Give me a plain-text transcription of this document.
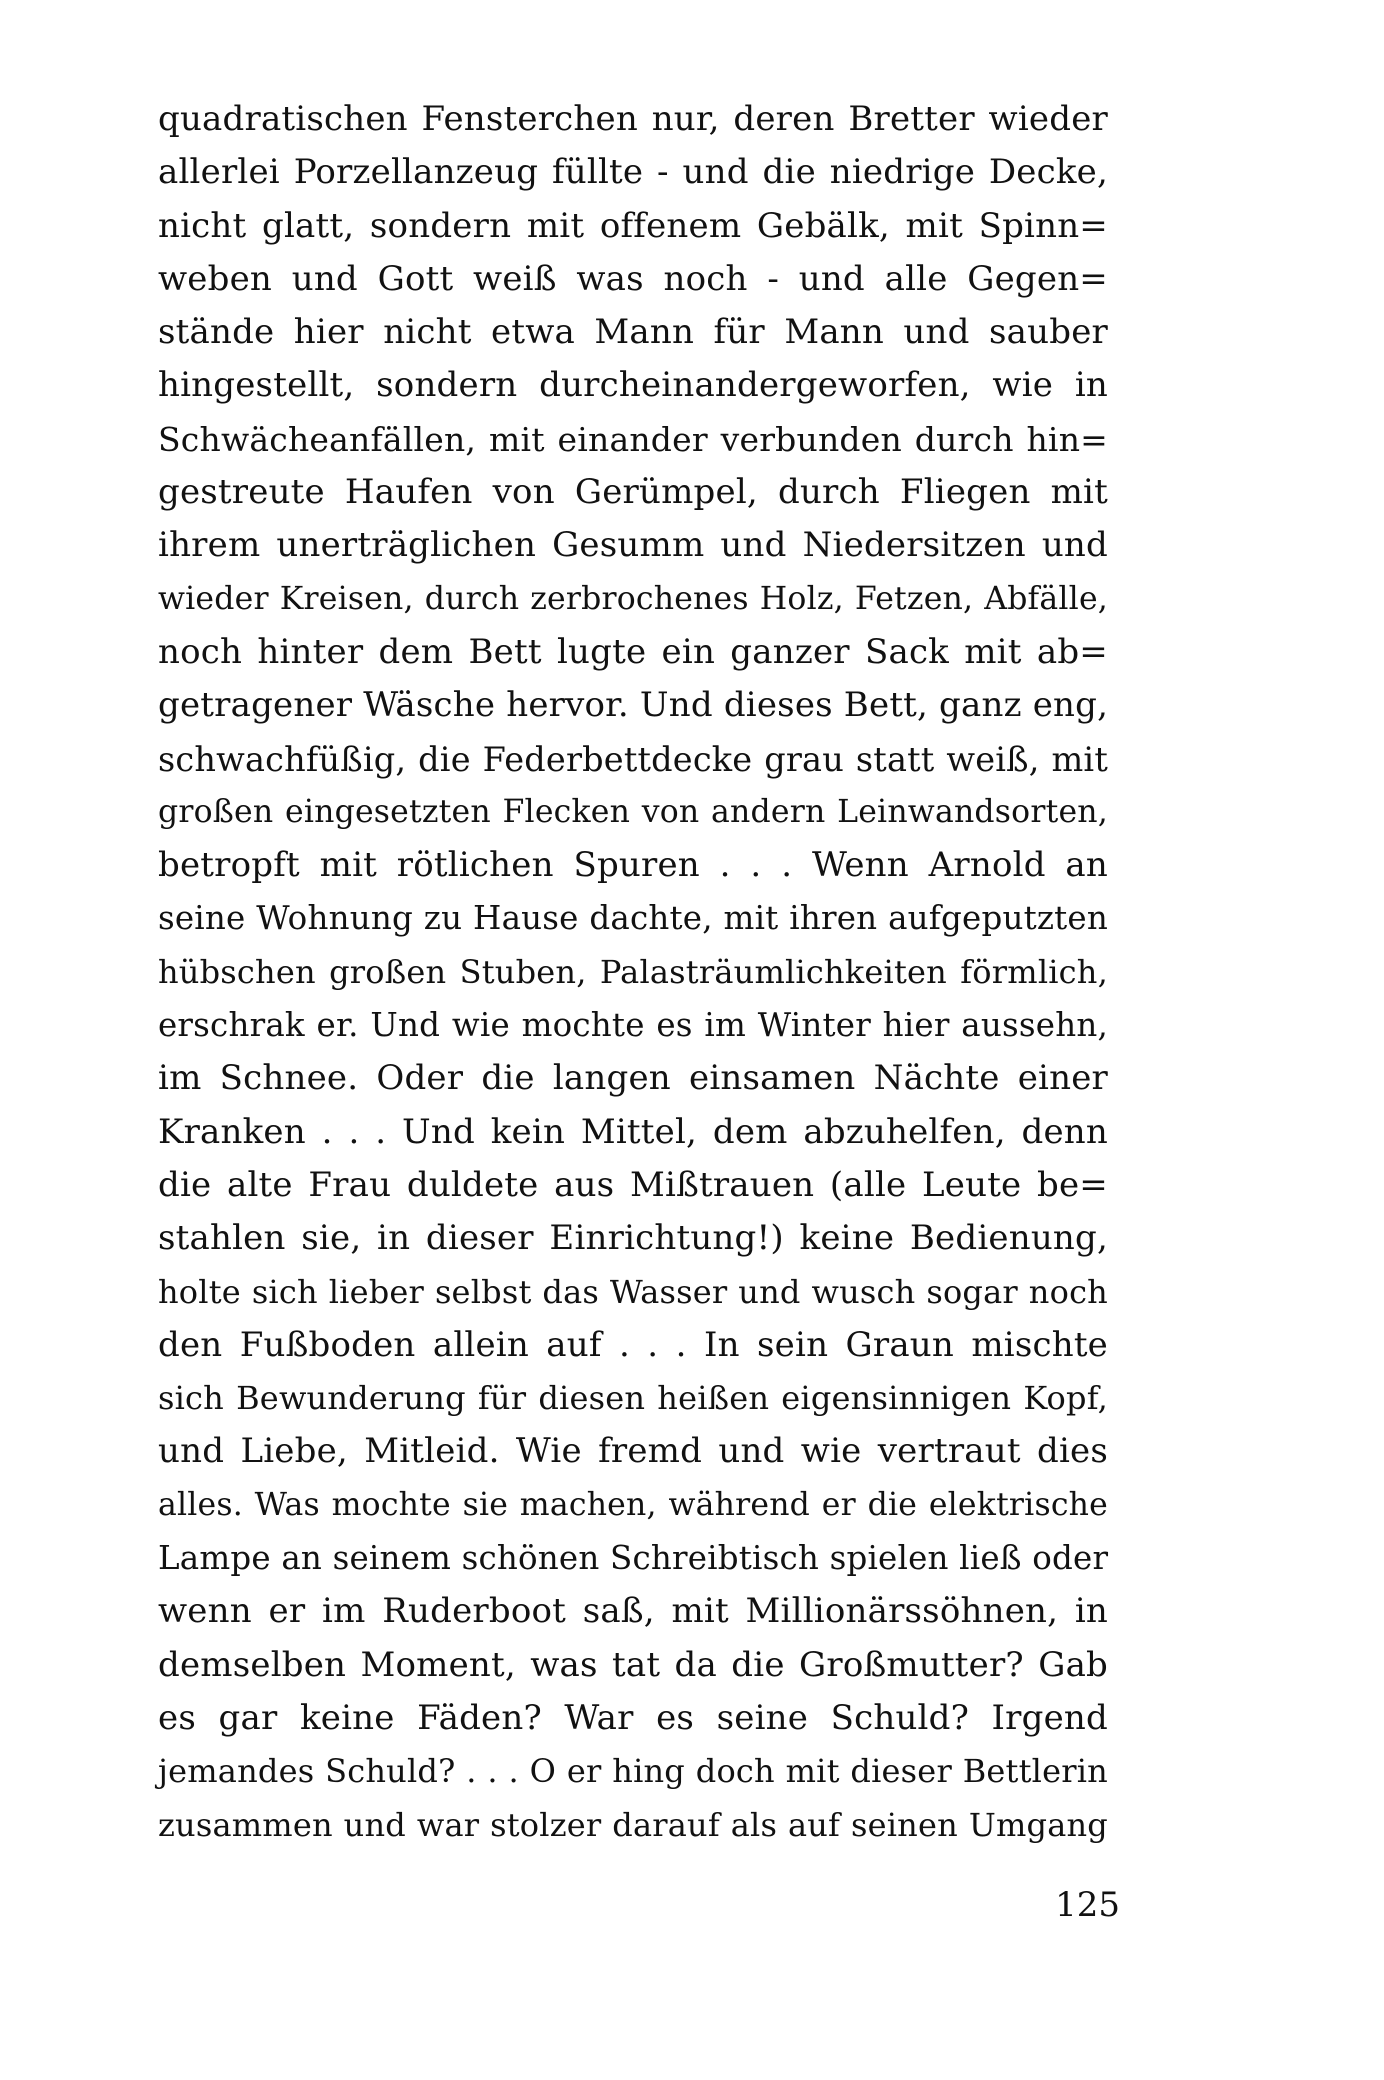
quadratischen Fensterchen nur, deren Bretter wieder
allerlei Porzellanzeug füllte - und die niedrige Decke,
nicht glatt, sondern mit offenem Gebälk, mit Spinn=
weben und Gott weiß was noch - und alle Gegen=
stände hier nicht etwa Mann für Mann und sauber
hingestellt, sondern durcheinandergeworfen, wie in
Schwächeanfällen, mit einander verbunden durch hin=
gestreute Haufen von Gerümpel, durch Fliegen mit
ihrem unerträglichen Gesumm und Niedersitzen und
wieder Kreisen, durch zerbrochenes Holz, Fetzen, Abfälle,
noch hinter dem Bett lugte ein ganzer Sack mit ab=
getragener Wäsche hervor. Und dieses Bett, ganz eng,
schwachfüßig, die Federbettdecke grau statt weiß, mit
großen eingesetzten Flecken von andern Leinwandsorten,
betropft mit rötlichen Spuren . . . Wenn Arnold an
seine Wohnung zu Hause dachte, mit ihren aufgeputzten
hübschen großen Stuben, Palasträumlichkeiten förmlich,
erschrak er. Und wie mochte es im Winter hier aussehn,
im Schnee. Oder die langen einsamen Nächte einer
Kranken . . . Und kein Mittel, dem abzuhelfen, denn
die alte Frau duldete aus Mißtrauen (alle Leute be=
stahlen sie, in dieser Einrichtung!) keine Bedienung,
holte sich lieber selbst das Wasser und wusch sogar noch
den Fußboden allein auf . . . In sein Graun mischte
sich Bewunderung für diesen heißen eigensinnigen Kopf,
und Liebe, Mitleid. Wie fremd und wie vertraut dies
alles. Was mochte sie machen, während er die elektrische
Lampe an seinem schönen Schreibtisch spielen ließ oder
wenn er im Ruderboot saß, mit Millionärssöhnen, in
demselben Moment, was tat da die Großmutter? Gab
es gar keine Fäden? War es seine Schuld? Irgend
jemandes Schuld? . . . O er hing doch mit dieser Bettlerin
zusammen und war stolzer darauf als auf seinen Umgang
125
